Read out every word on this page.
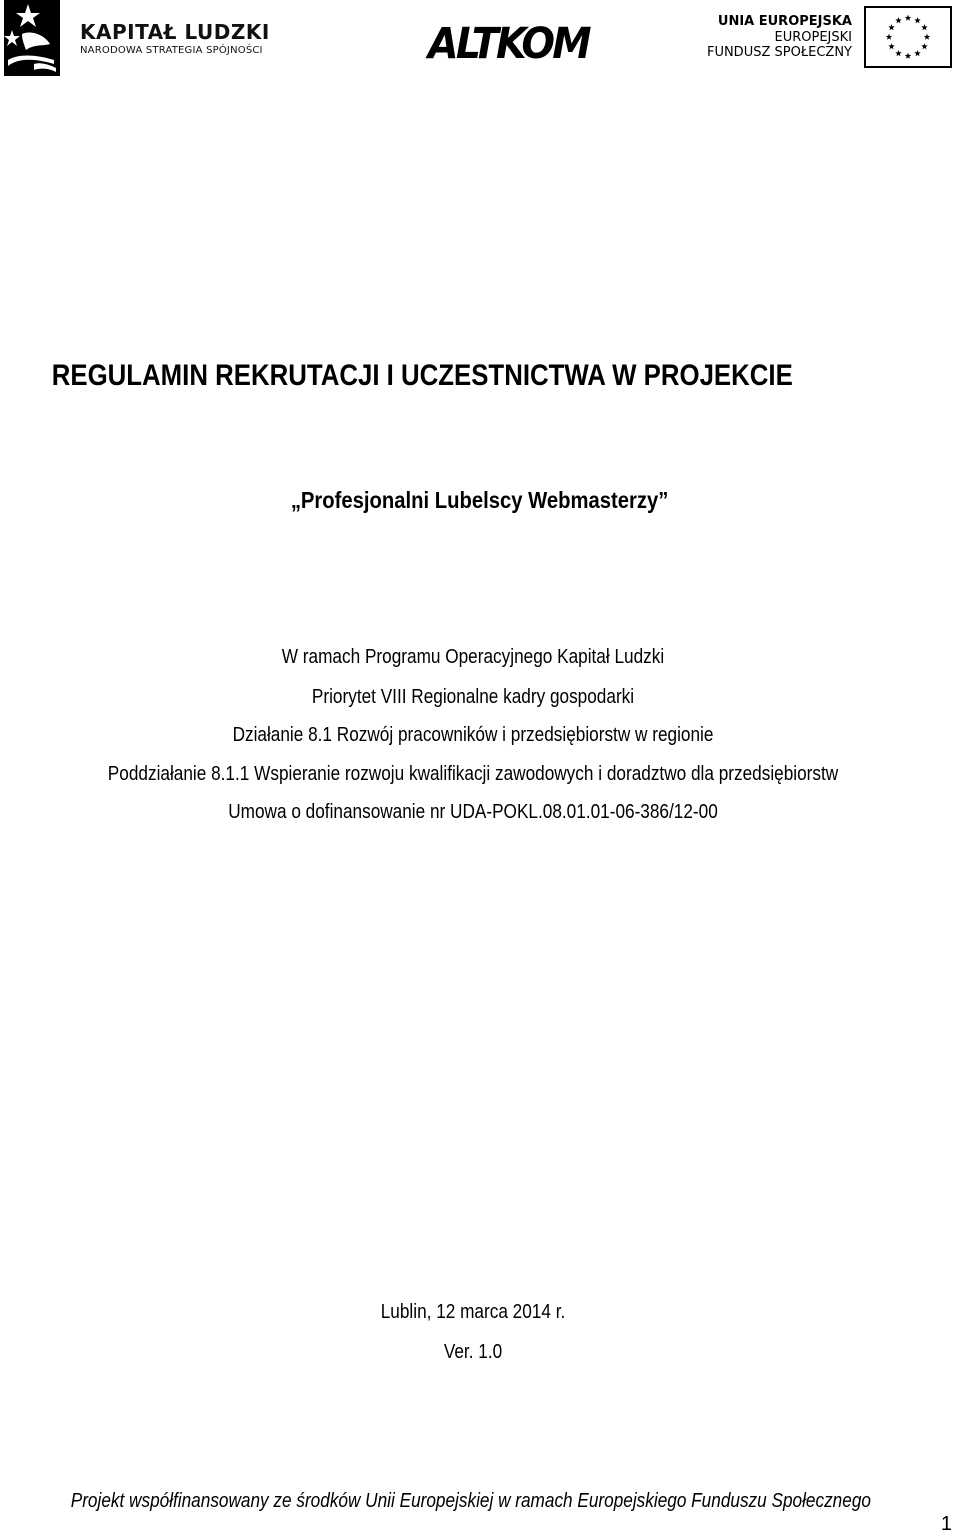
KAPITAŁ LUDZKI
NARODOWA STRATEGIA SPÓJNOŚCI	ALTKOM	UNIA EUROPEJSKA
EUROPEJSKI
FUNDUSZ SPOŁECZNY
REGULAMIN REKRUTACJI I UCZESTNICTWA W PROJEKCIE
„Profesjonalni Lubelscy Webmasterzy”
W ramach Programu Operacyjnego Kapitał Ludzki
Priorytet VIII Regionalne kadry gospodarki
Działanie 8.1 Rozwój pracowników i przedsiębiorstw w regionie
Poddziałanie 8.1.1 Wspieranie rozwoju kwalifikacji zawodowych i doradztwo dla przedsiębiorstw
Umowa o dofinansowanie nr UDA-POKL.08.01.01-06-386/12-00
Lublin, 12 marca 2014 r.
Ver. 1.0
Projekt współfinansowany ze środków Unii Europejskiej w ramach Europejskiego Funduszu Społecznego
1
